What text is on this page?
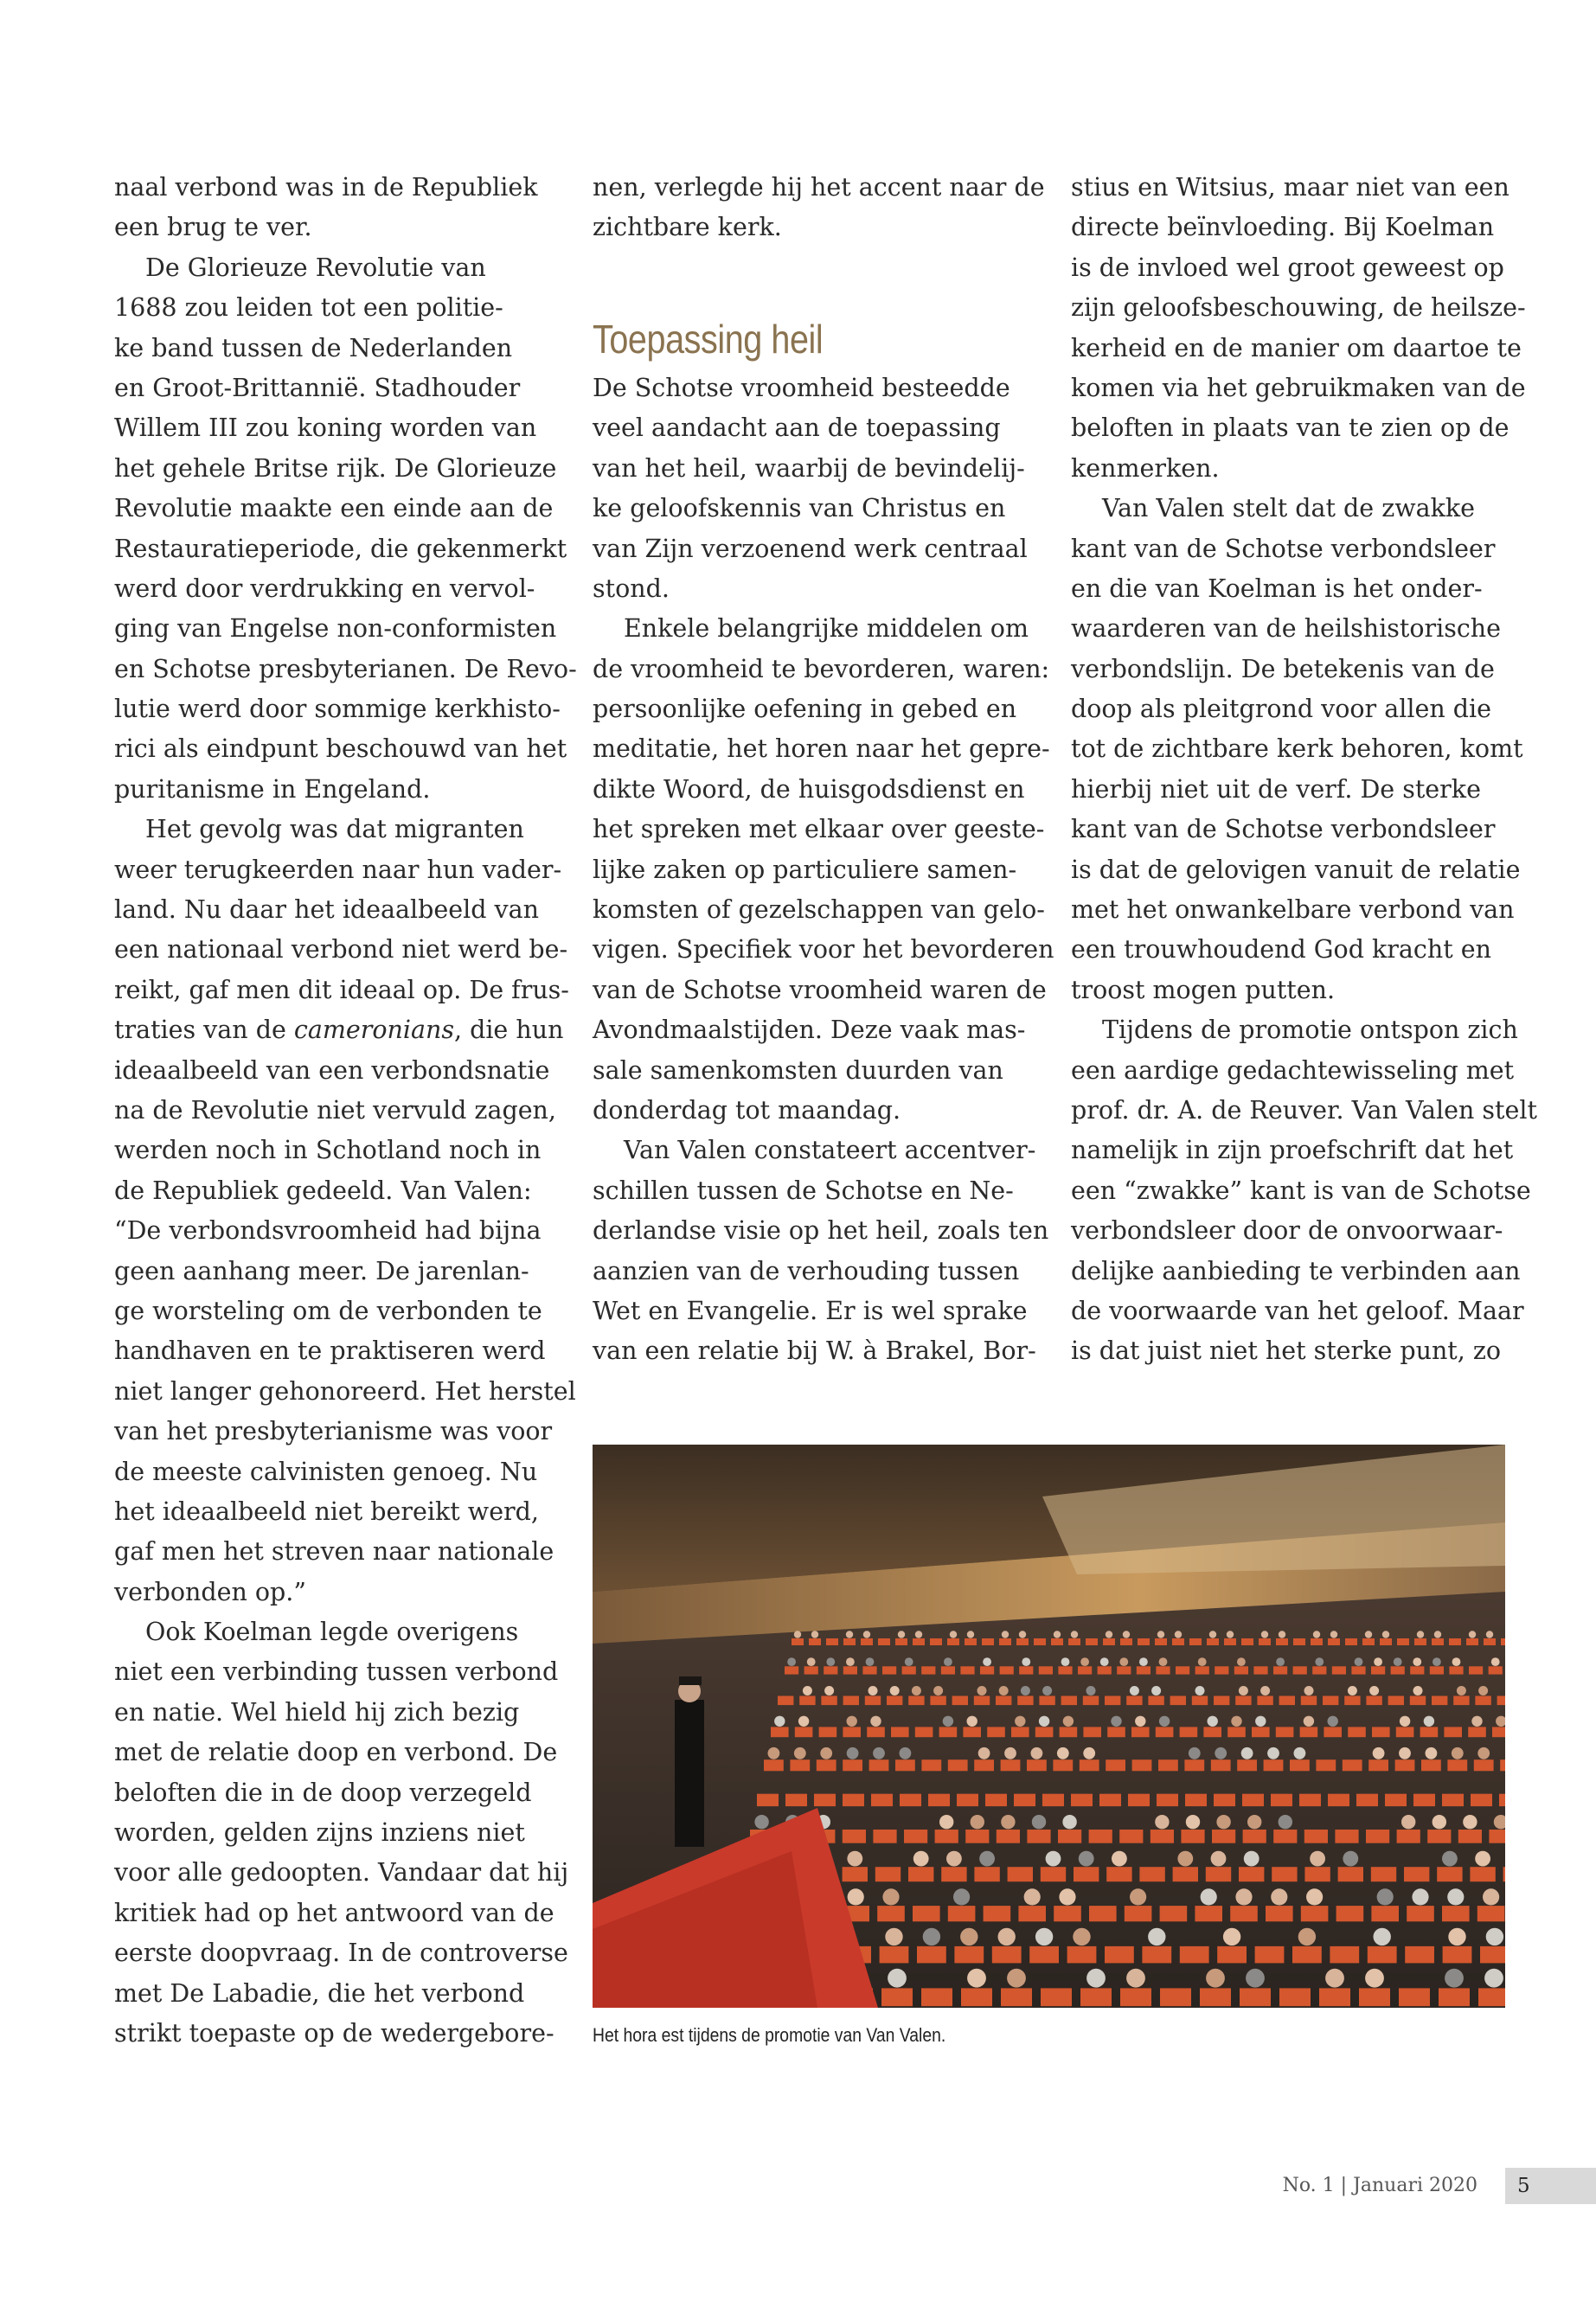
naal verbond was in de Republiek
een brug te ver.
De Glorieuze Revolutie van
1688 zou leiden tot een politie-
ke band tussen de Nederlanden
en Groot-Brittannië. Stadhouder
Willem III zou koning worden van
het gehele Britse rijk. De Glorieuze
Revolutie maakte een einde aan de
Restauratieperiode, die gekenmerkt
werd door verdrukking en vervol-
ging van Engelse non-conformisten
en Schotse presbyterianen. De Revo-
lutie werd door sommige kerkhisto-
rici als eindpunt beschouwd van het
puritanisme in Engeland.
Het gevolg was dat migranten
weer terugkeerden naar hun vader-
land. Nu daar het ideaalbeeld van
een nationaal verbond niet werd be-
reikt, gaf men dit ideaal op. De frus-
traties van de cameronians, die hun
ideaalbeeld van een verbondsnatie
na de Revolutie niet vervuld zagen,
werden noch in Schotland noch in
de Republiek gedeeld. Van Valen:
“De verbondsvroomheid had bijna
geen aanhang meer. De jarenlan-
ge worsteling om de verbonden te
handhaven en te praktiseren werd
niet langer gehonoreerd. Het herstel
van het presbyterianisme was voor
de meeste calvinisten genoeg. Nu
het ideaalbeeld niet bereikt werd,
gaf men het streven naar nationale
verbonden op.”
Ook Koelman legde overigens
niet een verbinding tussen verbond
en natie. Wel hield hij zich bezig
met de relatie doop en verbond. De
beloften die in de doop verzegeld
worden, gelden zijns inziens niet
voor alle gedoopten. Vandaar dat hij
kritiek had op het antwoord van de
eerste doopvraag. In de controverse
met De Labadie, die het verbond
strikt toepaste op de wedergebore-
nen, verlegde hij het accent naar de
zichtbare kerk.
Toepassing heil
De Schotse vroomheid besteedde
veel aandacht aan de toepassing
van het heil, waarbij de bevindelij-
ke geloofskennis van Christus en
van Zijn verzoenend werk centraal
stond.
Enkele belangrijke middelen om
de vroomheid te bevorderen, waren:
persoonlijke oefening in gebed en
meditatie, het horen naar het gepre-
dikte Woord, de huisgodsdienst en
het spreken met elkaar over geeste-
lijke zaken op particuliere samen-
komsten of gezelschappen van gelo-
vigen. Specifiek voor het bevorderen
van de Schotse vroomheid waren de
Avondmaalstijden. Deze vaak mas-
sale samenkomsten duurden van
donderdag tot maandag.
Van Valen constateert accentver-
schillen tussen de Schotse en Ne-
derlandse visie op het heil, zoals ten
aanzien van de verhouding tussen
Wet en Evangelie. Er is wel sprake
van een relatie bij W. à Brakel, Bor-
stius en Witsius, maar niet van een
directe beïnvloeding. Bij Koelman
is de invloed wel groot geweest op
zijn geloofsbeschouwing, de heilsze-
kerheid en de manier om daartoe te
komen via het gebruikmaken van de
beloften in plaats van te zien op de
kenmerken.
Van Valen stelt dat de zwakke
kant van de Schotse verbondsleer
en die van Koelman is het onder-
waarderen van de heilshistorische
verbondslijn. De betekenis van de
doop als pleitgrond voor allen die
tot de zichtbare kerk behoren, komt
hierbij niet uit de verf. De sterke
kant van de Schotse verbondsleer
is dat de gelovigen vanuit de relatie
met het onwankelbare verbond van
een trouwhoudend God kracht en
troost mogen putten.
Tijdens de promotie ontspon zich
een aardige gedachtewisseling met
prof. dr. A. de Reuver. Van Valen stelt
namelijk in zijn proefschrift dat het
een “zwakke” kant is van de Schotse
verbondsleer door de onvoorwaar-
delijke aanbieding te verbinden aan
de voorwaarde van het geloof. Maar
is dat juist niet het sterke punt, zo
Het hora est tijdens de promotie van Van Valen.
No. 1 | Januari 2020	5
